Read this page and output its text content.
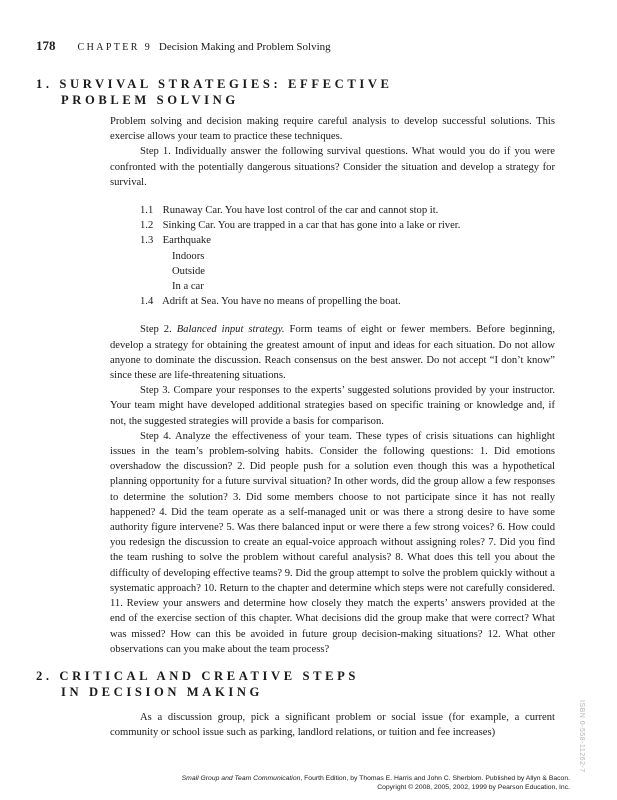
178 CHAPTER 9 Decision Making and Problem Solving
1. SURVIVAL STRATEGIES: EFFECTIVE
PROBLEM SOLVING

Problem solving and decision making require careful analysis to develop successful solutions. This exercise allows your team to practice these techniques.

Step 1. Individually answer the following survival questions. What would you do if you were confronted with the potentially dangerous situations? Consider the situation and develop a strategy for survival.

1.1 Runaway Car. You have lost control of the car and cannot stop it.
1.2 Sinking Car. You are trapped in a car that has gone into a lake or river.
1.3 Earthquake
Indoors
Outside
In a car
1.4 Adrift at Sea. You have no means of propelling the boat.

Step 2. Balanced input strategy. Form teams of eight or fewer members. Before beginning, develop a strategy for obtaining the greatest amount of input and ideas for each situation. Do not allow anyone to dominate the discussion. Reach consensus on the best answer. Do not accept “I don’t know” since these are life-threatening situations.

Step 3. Compare your responses to the experts’ suggested solutions provided by your instructor. Your team might have developed additional strategies based on specific training or knowledge and, if not, the suggested strategies will provide a basis for comparison.

Step 4. Analyze the effectiveness of your team. These types of crisis situations can highlight issues in the team’s problem-solving habits. Consider the following questions: 1. Did emotions overshadow the discussion? 2. Did people push for a solution even though this was a hypothetical planning opportunity for a future survival situation? In other words, did the group allow a few responses to determine the solution? 3. Did some members choose to not participate since it has not really happened? 4. Did the team operate as a self-managed unit or was there a strong desire to have some authority figure intervene? 5. Was there balanced input or were there a few strong voices? 6. How could you redesign the discussion to create an equal-voice approach without assigning roles? 7. Did you find the team rushing to solve the problem without careful analysis? 8. What does this tell you about the difficulty of developing effective teams? 9. Did the group attempt to solve the problem quickly without a systematic approach? 10. Return to the chapter and determine which steps were not carefully considered. 11. Review your answers and determine how closely they match the experts’ answers provided at the end of the exercise section of this chapter. What decisions did the group make that were correct? What was missed? How can this be avoided in future group decision-making situations? 12. What other observations can you make about the team process?

2. CRITICAL AND CREATIVE STEPS
IN DECISION MAKING

As a discussion group, pick a significant problem or social issue (for example, a current community or school issue such as parking, landlord relations, or tuition and fee increases)	ISBN 0-558-11262-7
Small Group and Team Communication, Fourth Edition, by Thomas E. Harris and John C. Sherblom. Published by Allyn & Bacon.
Copyright © 2008, 2005, 2002, 1999 by Pearson Education, Inc.
